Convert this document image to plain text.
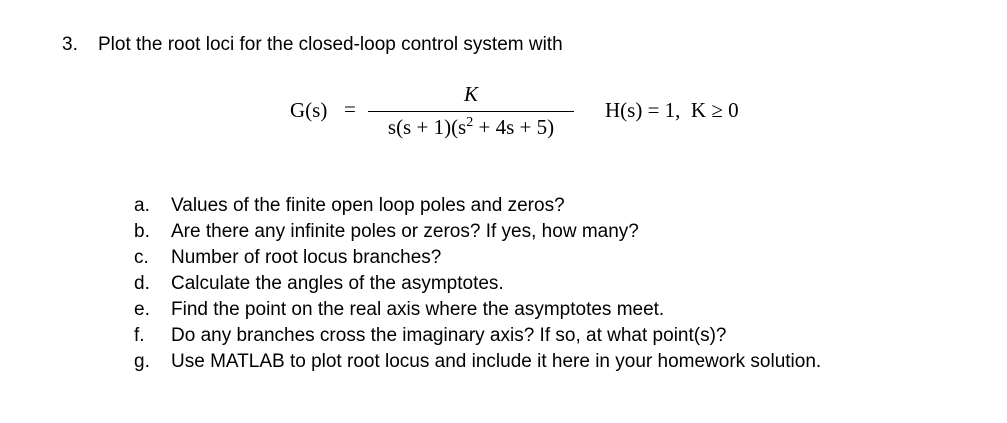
3. Plot the root loci for the closed-loop control system with
G(s) =
K
$s(s + 1)(s^2 + 4s + 5)$
H(s) = 1, K ≥ 0
a. Values of the finite open loop poles and zeros?
b. Are there any infinite poles or zeros? If yes, how many?
c. Number of root locus branches?
d. Calculate the angles of the asymptotes.
e. Find the point on the real axis where the asymptotes meet.
f. Do any branches cross the imaginary axis? If so, at what point(s)?
g. Use MATLAB to plot root locus and include it here in your homework solution.
